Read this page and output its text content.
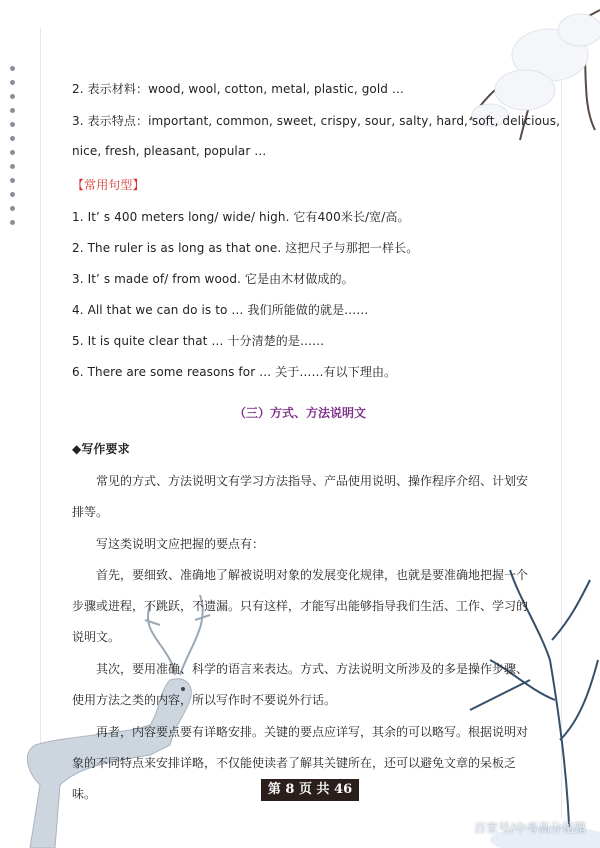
2. 表示材料：wood, wool, cotton, metal, plastic, gold …
3. 表示特点：important, common, sweet, crispy, sour, salty, hard, soft, delicious,
nice, fresh, pleasant, popular …
【常用句型】
1. It’ s 400 meters long/ wide/ high. 它有400米长/宽/高。
2. The ruler is as long as that one. 这把尺子与那把一样长。
3. It’ s made of/ from wood. 它是由木材做成的。
4. All that we can do is to … 我们所能做的就是……
5. It is quite clear that … 十分清楚的是……
6. There are some reasons for … 关于……有以下理由。
（三）方式、方法说明文
◆写作要求
常见的方式、方法说明文有学习方法指导、产品使用说明、操作程序介绍、计划安排等。
写这类说明文应把握的要点有：
首先，要细致、准确地了解被说明对象的发展变化规律，也就是要准确地把握一个步骤或进程，不跳跃，不遗漏。只有这样，才能写出能够指导我们生活、工作、学习的说明文。
其次，要用准确、科学的语言来表达。方式、方法说明文所涉及的多是操作步骤、使用方法之类的内容，所以写作时不要说外行话。
再者，内容要点要有详略安排。关键的要点应详写，其余的可以略写。根据说明对象的不同特点来安排详略，不仅能使读者了解其关键所在，还可以避免文章的呆板乏味。	第 8 页 共 46 页
百家号/中考高分秘籍
